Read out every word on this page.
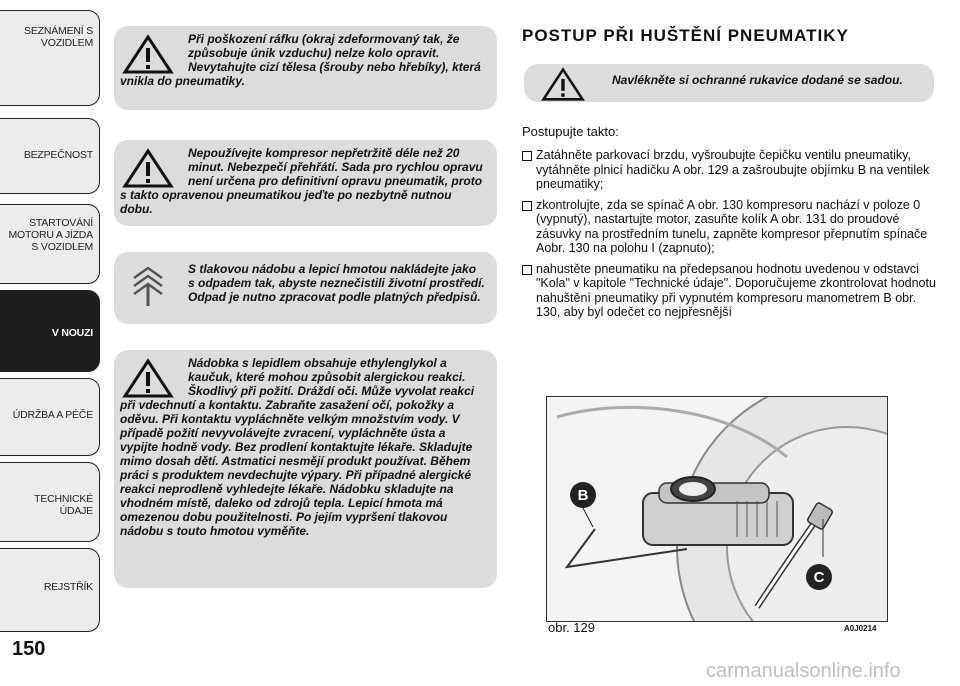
SEZNÁMENÍ S VOZIDLEM
BEZPEČNOST
STARTOVÁNÍ MOTORU A JÍZDA S VOZIDLEM
V NOUZI
ÚDRŽBA A PÉČE
TECHNICKÉ ÚDAJE
REJSTŘÍK
150
Při poškození ráfku (okraj zdeformovaný tak, že způsobuje únik vzduchu) nelze kolo opravit. Nevytahujte cizí tělesa (šrouby nebo hřebíky), která vnikla do pneumatiky.
Nepoužívejte kompresor nepřetržitě déle než 20 minut. Nebezpečí přehřátí. Sada pro rychlou opravu není určena pro definitivní opravu pneumatik, proto s takto opravenou pneumatikou jeďte po nezbytně nutnou dobu.
S tlakovou nádobu a lepicí hmotou nakládejte jako s odpadem tak, abyste neznečistili životní prostředí. Odpad je nutno zpracovat podle platných předpisů.
Nádobka s lepidlem obsahuje ethylenglykol a kaučuk, které mohou způsobit alergickou reakci. Škodlivý při požití. Dráždí oči. Může vyvolat reakci při vdechnutí a kontaktu. Zabraňte zasažení očí, pokožky a oděvu. Při kontaktu vypláchněte velkým množstvím vody. V případě požití nevyvolávejte zvracení, vypláchněte ústa a vypijte hodně vody. Bez prodlení kontaktujte lékaře. Skladujte mimo dosah dětí. Astmatici nesmějí produkt používat. Během práci s produktem nevdechujte výpary. Při případné alergické reakci neprodleně vyhledejte lékaře. Nádobku skladujte na vhodném místě, daleko od zdrojů tepla. Lepicí hmota má omezenou dobu použitelnosti. Po jejím vypršení tlakovou nádobu s touto hmotou vyměňte.
POSTUP PŘI HUŠTĚNÍ PNEUMATIKY
Navlékněte si ochranné rukavice dodané se sadou.
Postupujte takto:
Zatáhněte parkovací brzdu, vyšroubujte čepičku ventilu pneumatiky, vytáhněte plnicí hadičku A obr. 129 a zašroubujte objímku B na ventilek pneumatiky;
zkontrolujte, zda se spínač A obr. 130 kompresoru nachází v poloze 0 (vypnutý), nastartujte motor, zasuňte kolík A obr. 131 do proudové zásuvky na prostředním tunelu, zapněte kompresor přepnutím spínače Aobr. 130 na polohu I (zapnuto);
nahustěte pneumatiku na předepsanou hodnotu uvedenou v odstavci "Kola" v kapitole "Technické údaje". Doporučujeme zkontrolovat hodnotu nahuštění pneumatiky při vypnutém kompresoru manometrem B obr. 130, aby byl odečet co nejpřesnější
B
C
obr. 129	A0J0214
carmanualsonline.info
